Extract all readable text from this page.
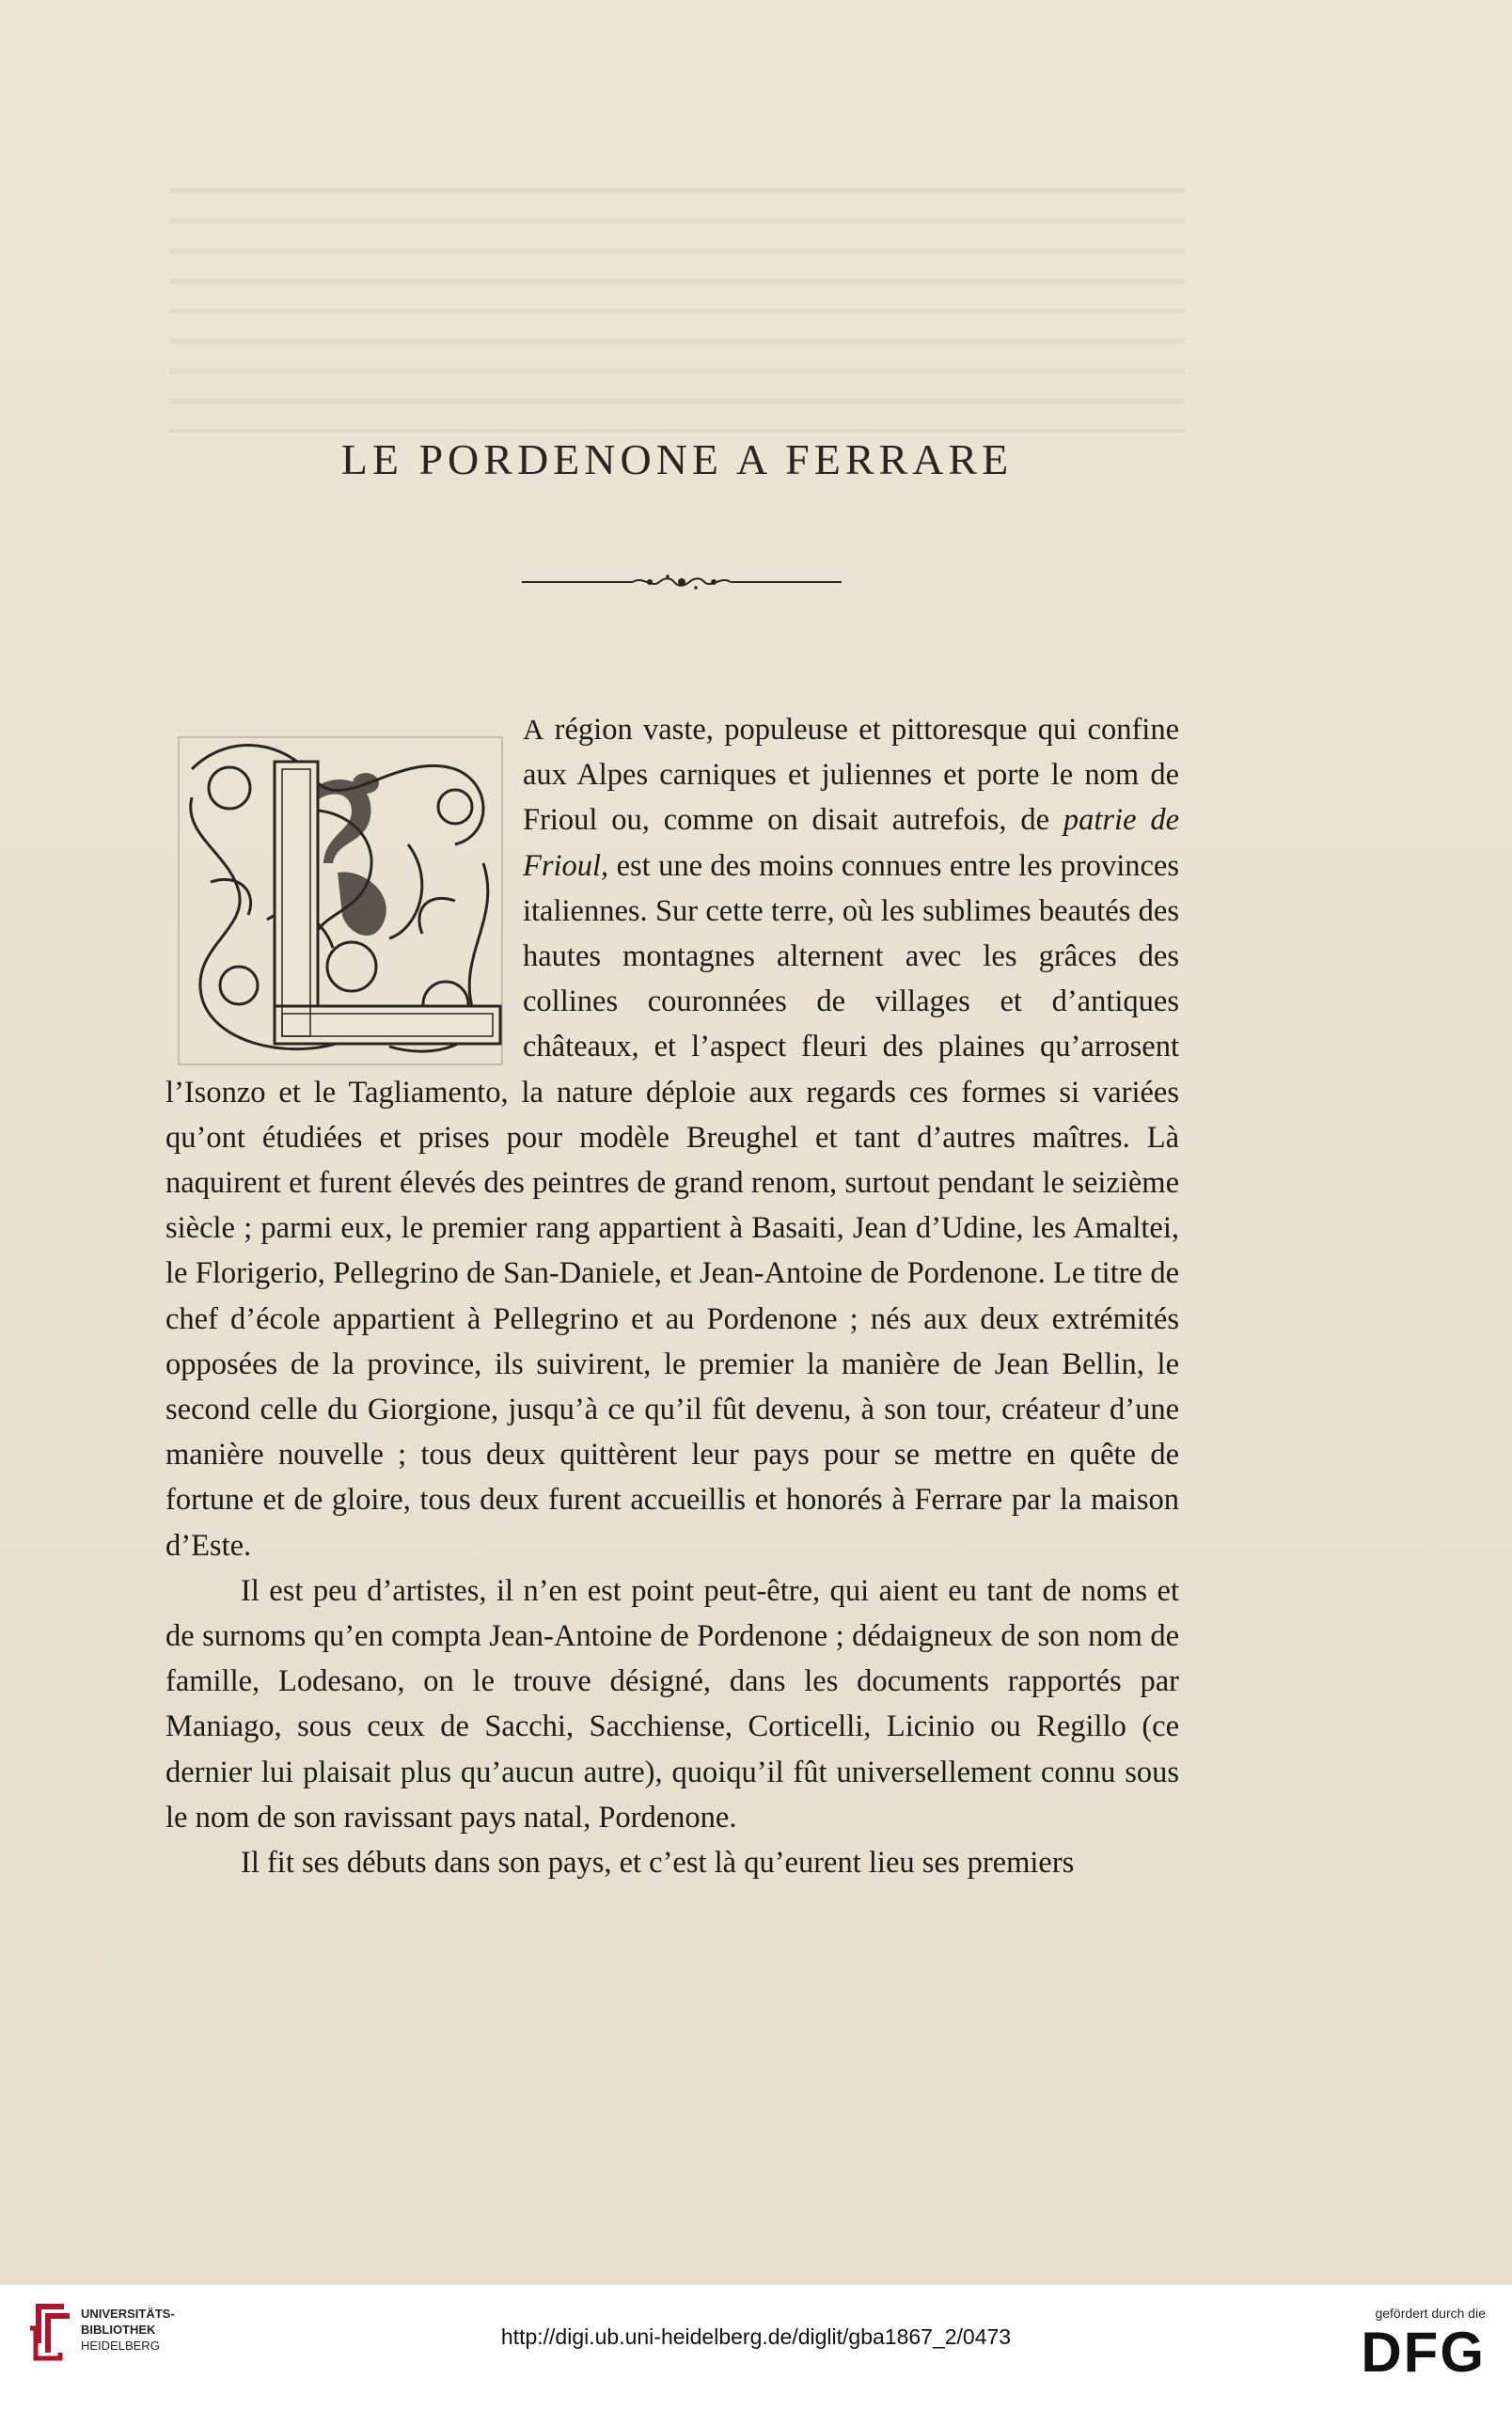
LE PORDENONE A FERRARE

A région vaste, populeuse et pittoresque qui confine aux Alpes carniques et juliennes et porte le nom de Frioul ou, comme on disait autrefois, de patrie de Frioul, est une des moins connues entre les provinces italiennes. Sur cette terre, où les sublimes beautés des hautes montagnes alternent avec les grâces des collines couronnées de villages et d’antiques châteaux, et l’aspect fleuri des plaines qu’arrosent l’Isonzo et le Tagliamento, la nature déploie aux regards ces formes si variées qu’ont étudiées et prises pour modèle Breughel et tant d’autres maîtres. Là naquirent et furent élevés des peintres de grand renom, surtout pendant le seizième siècle ; parmi eux, le premier rang appartient à Basaiti, Jean d’Udine, les Amaltei, le Florigerio, Pellegrino de San-Daniele, et Jean-Antoine de Pordenone. Le titre de chef d’école appartient à Pellegrino et au Pordenone ; nés aux deux extrémités opposées de la province, ils suivirent, le premier la manière de Jean Bellin, le second celle du Giorgione, jusqu’à ce qu’il fût devenu, à son tour, créateur d’une manière nouvelle ; tous deux quittèrent leur pays pour se mettre en quête de fortune et de gloire, tous deux furent accueillis et honorés à Ferrare par la maison d’Este.

Il est peu d’artistes, il n’en est point peut-être, qui aient eu tant de noms et de surnoms qu’en compta Jean-Antoine de Pordenone ; dédaigneux de son nom de famille, Lodesano, on le trouve désigné, dans les documents rapportés par Maniago, sous ceux de Sacchi, Sacchiense, Corticelli, Licinio ou Regillo (ce dernier lui plaisait plus qu’aucun autre), quoiqu’il fût universellement connu sous le nom de son ravissant pays natal, Pordenone.

Il fit ses débuts dans son pays, et c’est là qu’eurent lieu ses premiers

UNIVERSITÄTS-
BIBLIOTHEK
HEIDELBERG	http://digi.ub.uni-heidelberg.de/diglit/gba1867_2/0473
gefördert durch die
DFG
